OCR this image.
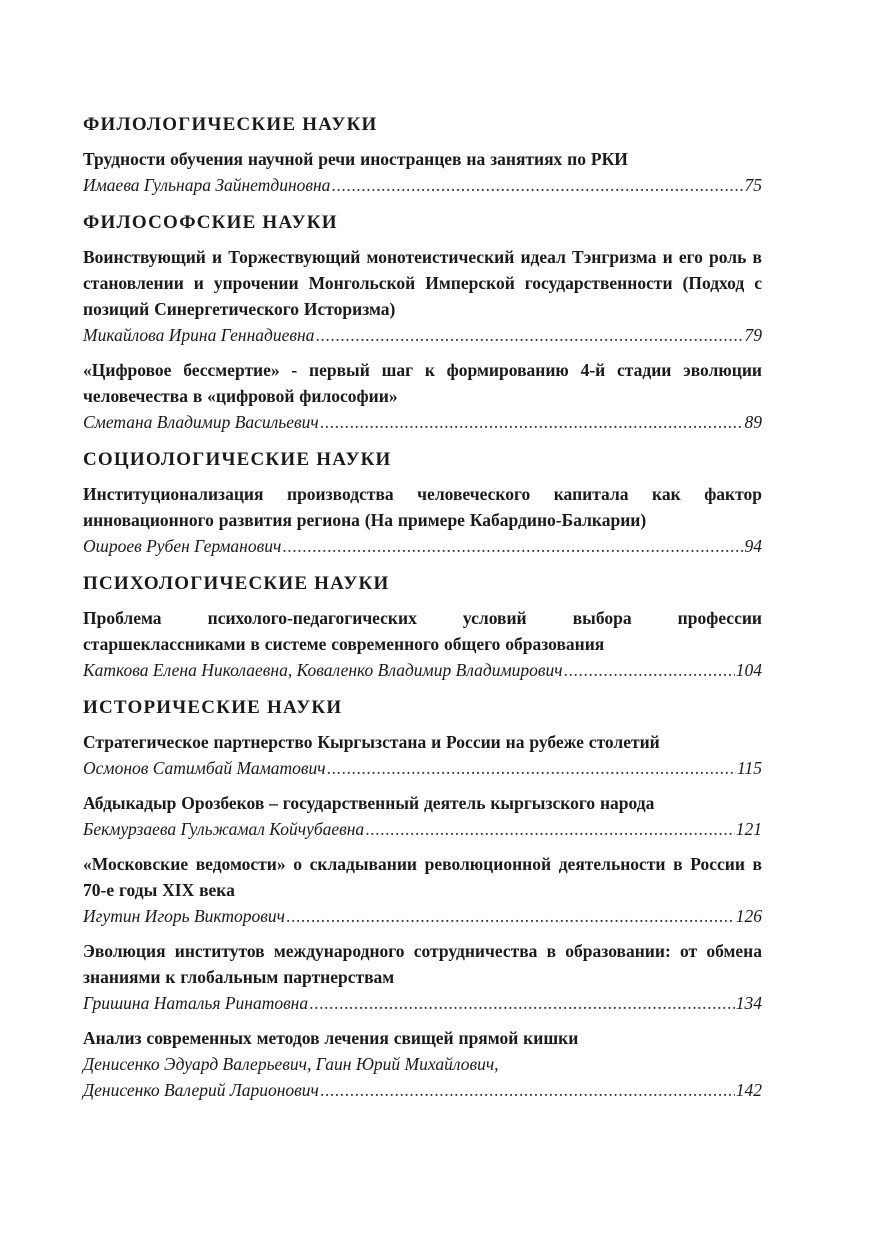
ФИЛОЛОГИЧЕСКИЕ НАУКИ
Трудности обучения научной речи иностранцев на занятиях по РКИ
Имаева Гульнара Зайнетдиновна .....	75
ФИЛОСОФСКИЕ НАУКИ
Воинствующий и Торжествующий монотеистический идеал Тэнгризма и его роль в становлении и упрочении Монгольской Имперской государственности (Подход с позиций Синергетического Историзма)
Микайлова Ирина Геннадиевна .....	79
«Цифровое бессмертие» - первый шаг к формированию 4-й стадии эволюции человечества в «цифровой философии»
Сметана Владимир Васильевич .....	89
СОЦИОЛОГИЧЕСКИЕ НАУКИ
Институционализация производства человеческого капитала как фактор инновационного развития региона (На примере Кабардино-Балкарии)
Ошроев Рубен Германович .....	94
ПСИХОЛОГИЧЕСКИЕ НАУКИ
Проблема психолого-педагогических условий выбора профессии старшеклассниками в системе современного общего образования
Каткова Елена Николаевна, Коваленко Владимир Владимирович .....	104
ИСТОРИЧЕСКИЕ НАУКИ
Стратегическое партнерство Кыргызстана и России на рубеже столетий
Осмонов Сатимбай Маматович .....	115
Абдыкадыр Орозбеков – государственный деятель кыргызского народа
Бекмурзаева Гульжамал Койчубаевна .....	121
«Московские ведомости» о складывании революционной деятельности в России в 70-е годы XIX века
Игутин Игорь Викторович .....	126
Эволюция институтов международного сотрудничества в образовании: от обмена знаниями к глобальным партнерствам
Гришина Наталья Ринатовна .....	134
Анализ современных методов лечения свищей прямой кишки
Денисенко Эдуард Валерьевич, Гаин Юрий Михайлович,
Денисенко Валерий Ларионович .....	142
